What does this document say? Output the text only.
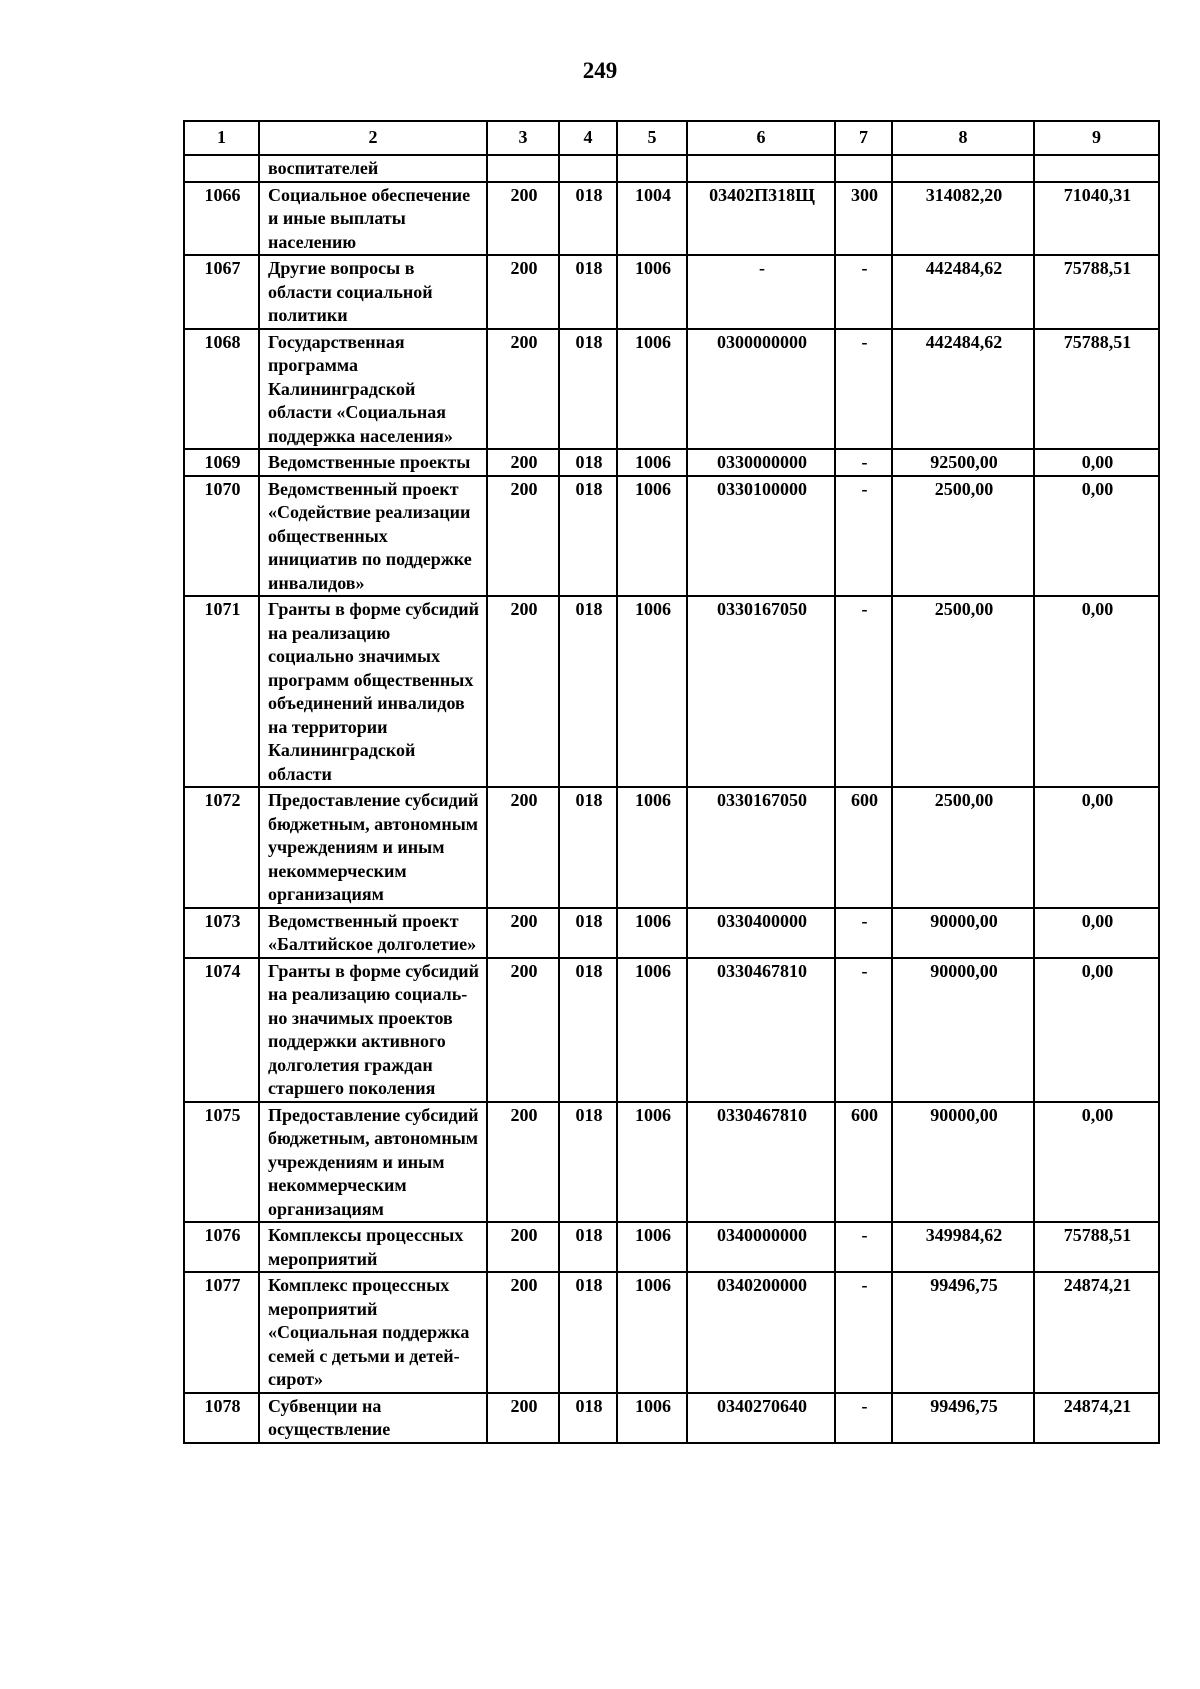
249
1	2	3	4	5	6	7	8	9
	воспитателей							
1066	Социальное обеспечение и иные выплаты населению	200	018	1004	03402П318Щ	300	314082,20	71040,31
1067	Другие вопросы в области социальной политики	200	018	1006	-	-	442484,62	75788,51
1068	Государственная программа Калининградской области «Социальная поддержка населения»	200	018	1006	0300000000	-	442484,62	75788,51
1069	Ведомственные проекты	200	018	1006	0330000000	-	92500,00	0,00
1070	Ведомственный проект «Содействие реализации общественных инициатив по поддержке инвалидов»	200	018	1006	0330100000	-	2500,00	0,00
1071	Гранты в форме субсидий на реализацию социально значимых программ общественных объединений инвалидов на территории Калининградской области	200	018	1006	0330167050	-	2500,00	0,00
1072	Предоставление субсидий бюджетным, автономным учреждениям и иным некоммерческим организациям	200	018	1006	0330167050	600	2500,00	0,00
1073	Ведомственный проект «Балтийское долголетие»	200	018	1006	0330400000	-	90000,00	0,00
1074	Гранты в форме субсидий на реализацию социаль-но значимых проектов поддержки активного долголетия граждан старшего поколения	200	018	1006	0330467810	-	90000,00	0,00
1075	Предоставление субсидий бюджетным, автономным учреждениям и иным некоммерческим организациям	200	018	1006	0330467810	600	90000,00	0,00
1076	Комплексы процессных мероприятий	200	018	1006	0340000000	-	349984,62	75788,51
1077	Комплекс процессных мероприятий «Социальная поддержка семей с детьми и детей-сирот»	200	018	1006	0340200000	-	99496,75	24874,21
1078	Субвенции на осуществление	200	018	1006	0340270640	-	99496,75	24874,21
